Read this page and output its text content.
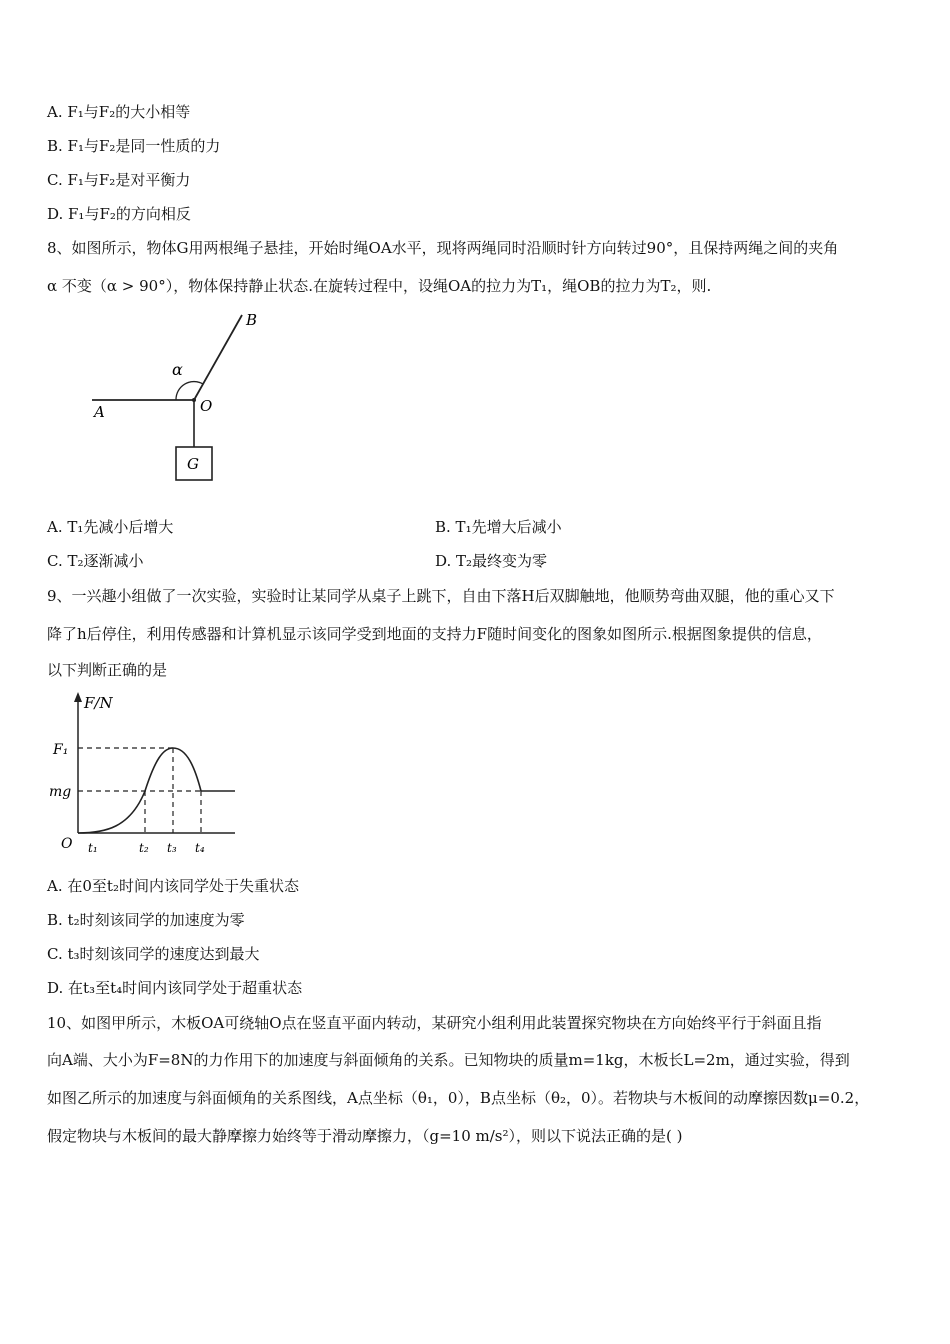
A. F₁与F₂的大小相等
B. F₁与F₂是同一性质的力
C. F₁与F₂是对平衡力
D. F₁与F₂的方向相反
8、如图所示，物体G用两根绳子悬挂，开始时绳OA水平，现将两绳同时沿顺时针方向转过90°，且保持两绳之间的夹角
α 不变（α > 90°），物体保持静止状态.在旋转过程中，设绳OA的拉力为T₁，绳OB的拉力为T₂，则.
B
α
A	O
G
A. T₁先减小后增大	B. T₁先增大后减小
C. T₂逐渐减小	D. T₂最终变为零
9、一兴趣小组做了一次实验，实验时让某同学从桌子上跳下，自由下落H后双脚触地，他顺势弯曲双腿，他的重心又下
降了h后停住，利用传感器和计算机显示该同学受到地面的支持力F随时间变化的图象如图所示.根据图象提供的信息，
以下判断正确的是
F/N
F₁
mg
O t₁	t₂ t₃ t₄
A. 在0至t₂时间内该同学处于失重状态
B. t₂时刻该同学的加速度为零
C. t₃时刻该同学的速度达到最大
D. 在t₃至t₄时间内该同学处于超重状态
10、如图甲所示，木板OA可绕轴O点在竖直平面内转动，某研究小组利用此装置探究物块在方向始终平行于斜面且指
向A端、大小为F=8N的力作用下的加速度与斜面倾角的关系。已知物块的质量m=1kg，木板长L=2m，通过实验，得到
如图乙所示的加速度与斜面倾角的关系图线，A点坐标（θ₁，0），B点坐标（θ₂，0）。若物块与木板间的动摩擦因数μ=0.2，
假定物块与木板间的最大静摩擦力始终等于滑动摩擦力，（g=10 m/s²），则以下说法正确的是( )
